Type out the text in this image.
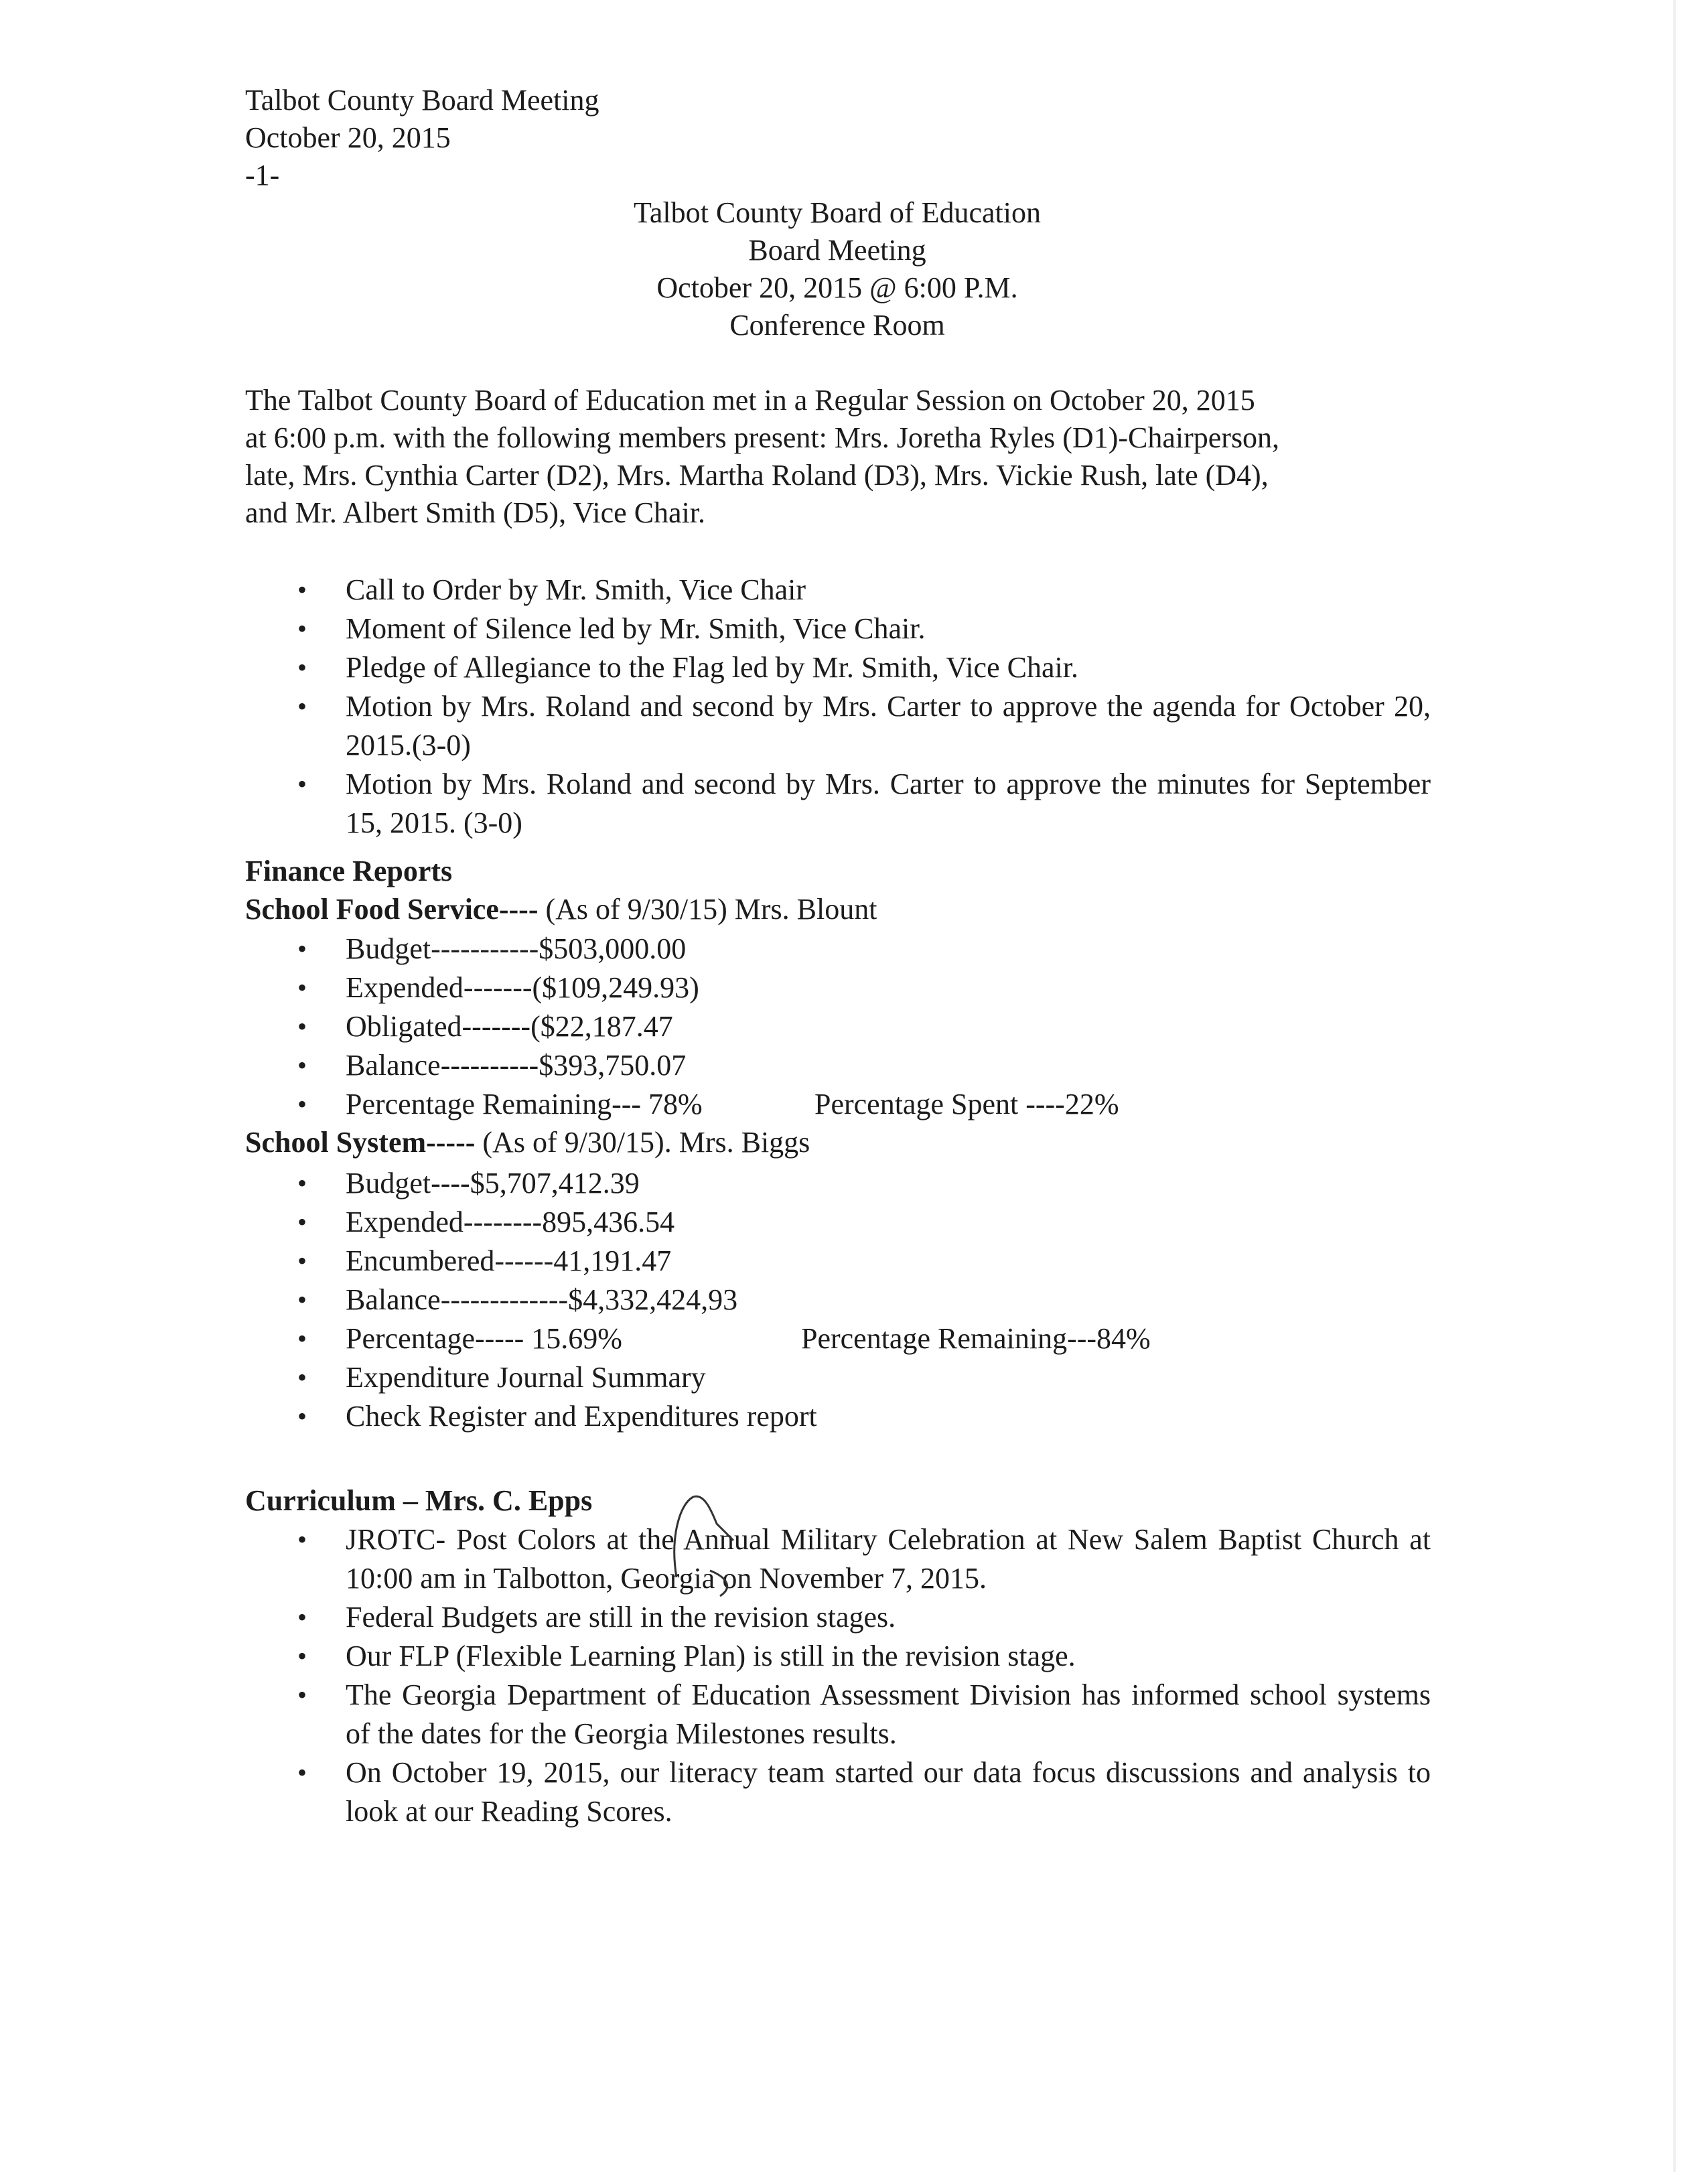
Talbot County Board Meeting
October 20, 2015
-1-
Talbot County Board of Education
Board Meeting
October 20, 2015 @ 6:00 P.M.
Conference Room
The Talbot County Board of Education met in a Regular Session on October 20, 2015
at 6:00 p.m. with the following members present: Mrs. Joretha Ryles (D1)-Chairperson,
late, Mrs. Cynthia Carter (D2), Mrs. Martha Roland (D3), Mrs. Vickie Rush, late (D4),
and Mr. Albert Smith (D5), Vice Chair.
• Call to Order by Mr. Smith, Vice Chair
• Moment of Silence led by Mr. Smith, Vice Chair.
• Pledge of Allegiance to the Flag led by Mr. Smith, Vice Chair.
• Motion by Mrs. Roland and second by Mrs. Carter to approve the agenda for October 20, 2015.(3-0)
• Motion by Mrs. Roland and second by Mrs. Carter to approve the minutes for September 15, 2015. (3-0)
Finance Reports
School Food Service---- (As of 9/30/15) Mrs. Blount
• Budget-----------$503,000.00
• Expended-------($109,249.93)
• Obligated-------($22,187.47
• Balance----------$393,750.07
• Percentage Remaining--- 78%	Percentage Spent ----22%
School System----- (As of 9/30/15). Mrs. Biggs
• Budget----$5,707,412.39
• Expended--------895,436.54
• Encumbered------41,191.47
• Balance-------------$4,332,424,93
• Percentage----- 15.69%	Percentage Remaining---84%
• Expenditure Journal Summary
• Check Register and Expenditures report
Curriculum – Mrs. C. Epps
• JROTC- Post Colors at the Annual Military Celebration at New Salem Baptist Church at 10:00 am in Talbotton, Georgia on November 7, 2015.
• Federal Budgets are still in the revision stages.
• Our FLP (Flexible Learning Plan) is still in the revision stage.
• The Georgia Department of Education Assessment Division has informed school systems of the dates for the Georgia Milestones results.
• On October 19, 2015, our literacy team started our data focus discussions and analysis to look at our Reading Scores.
